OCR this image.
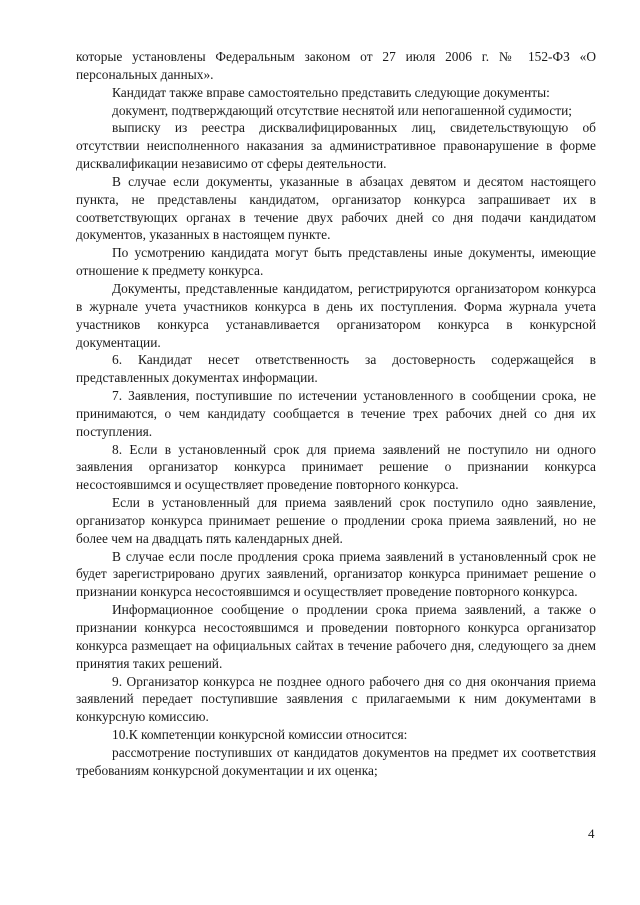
которые установлены Федеральным законом от 27 июля 2006 г. № 152-ФЗ «О персональных данных».

Кандидат также вправе самостоятельно представить следующие документы:

документ, подтверждающий отсутствие неснятой или непогашенной судимости;

выписку из реестра дисквалифицированных лиц, свидетельствующую об отсутствии неисполненного наказания за административное правонарушение в форме дисквалификации независимо от сферы деятельности.

В случае если документы, указанные в абзацах девятом и десятом настоящего пункта, не представлены кандидатом, организатор конкурса запрашивает их в соответствующих органах в течение двух рабочих дней со дня подачи кандидатом документов, указанных в настоящем пункте.

По усмотрению кандидата могут быть представлены иные документы, имеющие отношение к предмету конкурса.

Документы, представленные кандидатом, регистрируются организатором конкурса в журнале учета участников конкурса в день их поступления. Форма журнала учета участников конкурса устанавливается организатором конкурса в конкурсной документации.

6. Кандидат несет ответственность за достоверность содержащейся в представленных документах информации.

7. Заявления, поступившие по истечении установленного в сообщении срока, не принимаются, о чем кандидату сообщается в течение трех рабочих дней со дня их поступления.

8. Если в установленный срок для приема заявлений не поступило ни одного заявления организатор конкурса принимает решение о признании конкурса несостоявшимся и осуществляет проведение повторного конкурса.

Если в установленный для приема заявлений срок поступило одно заявление, организатор конкурса принимает решение о продлении срока приема заявлений, но не более чем на двадцать пять календарных дней.

В случае если после продления срока приема заявлений в установленный срок не будет зарегистрировано других заявлений, организатор конкурса принимает решение о признании конкурса несостоявшимся и осуществляет проведение повторного конкурса.

Информационное сообщение о продлении срока приема заявлений, а также о признании конкурса несостоявшимся и проведении повторного конкурса организатор конкурса размещает на официальных сайтах в течение рабочего дня, следующего за днем принятия таких решений.

9. Организатор конкурса не позднее одного рабочего дня со дня окончания приема заявлений передает поступившие заявления с прилагаемыми к ним документами в конкурсную комиссию.

10.К компетенции конкурсной комиссии относится:

рассмотрение поступивших от кандидатов документов на предмет их соответствия требованиям конкурсной документации и их оценка;

4
